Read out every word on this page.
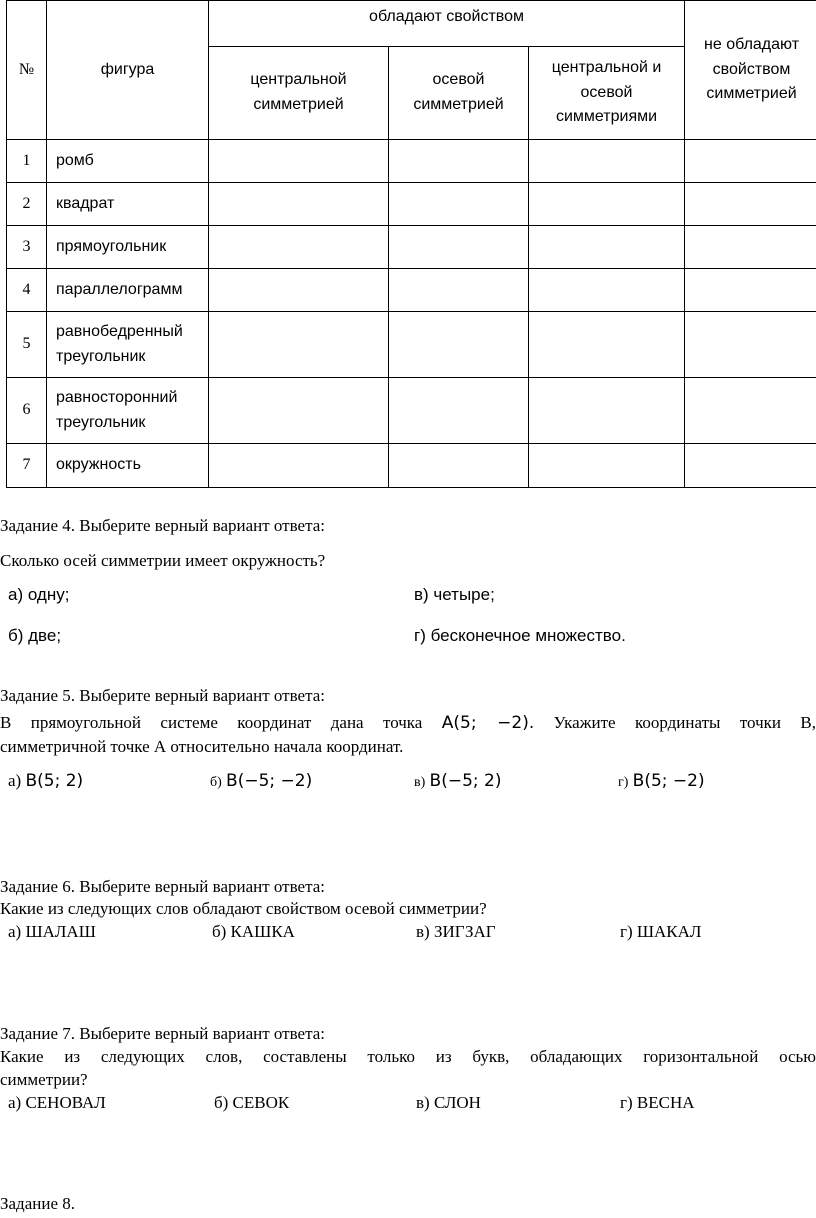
№	фигура	обладают свойством			не обладают свойством симметрией
		центральной симметрией	осевой симметрией	центральной и осевой симметриями	
1	ромб				
2	квадрат				
3	прямоугольник				
4	параллелограмм				
5	равнобедренный треугольник				
6	равносторонний треугольник				
7	окружность				
Задание 4. Выберите верный вариант ответа:
Сколько осей симметрии имеет окружность?
а) одну;	в) четыре;
б) две;	г) бесконечное множество.
Задание 5. Выберите верный вариант ответа:
В прямоугольной системе координат дана точка A(5; −2). Укажите координаты точки В,
симметричной точке А относительно начала координат.
а) B(5; 2)	б) B(−5; −2)	в) B(−5; 2)	г) B(5; −2)
Задание 6. Выберите верный вариант ответа:
Какие из следующих слов обладают свойством осевой симметрии?
а) ШАЛАШ	б) КАШКА	в) ЗИГЗАГ	г) ШАКАЛ
Задание 7. Выберите верный вариант ответа:
Какие из следующих слов, составлены только из букв, обладающих горизонтальной осью
симметрии?
а) СЕНОВАЛ	б) СЕВОК	в) СЛОН	г) ВЕСНА
Задание 8.
